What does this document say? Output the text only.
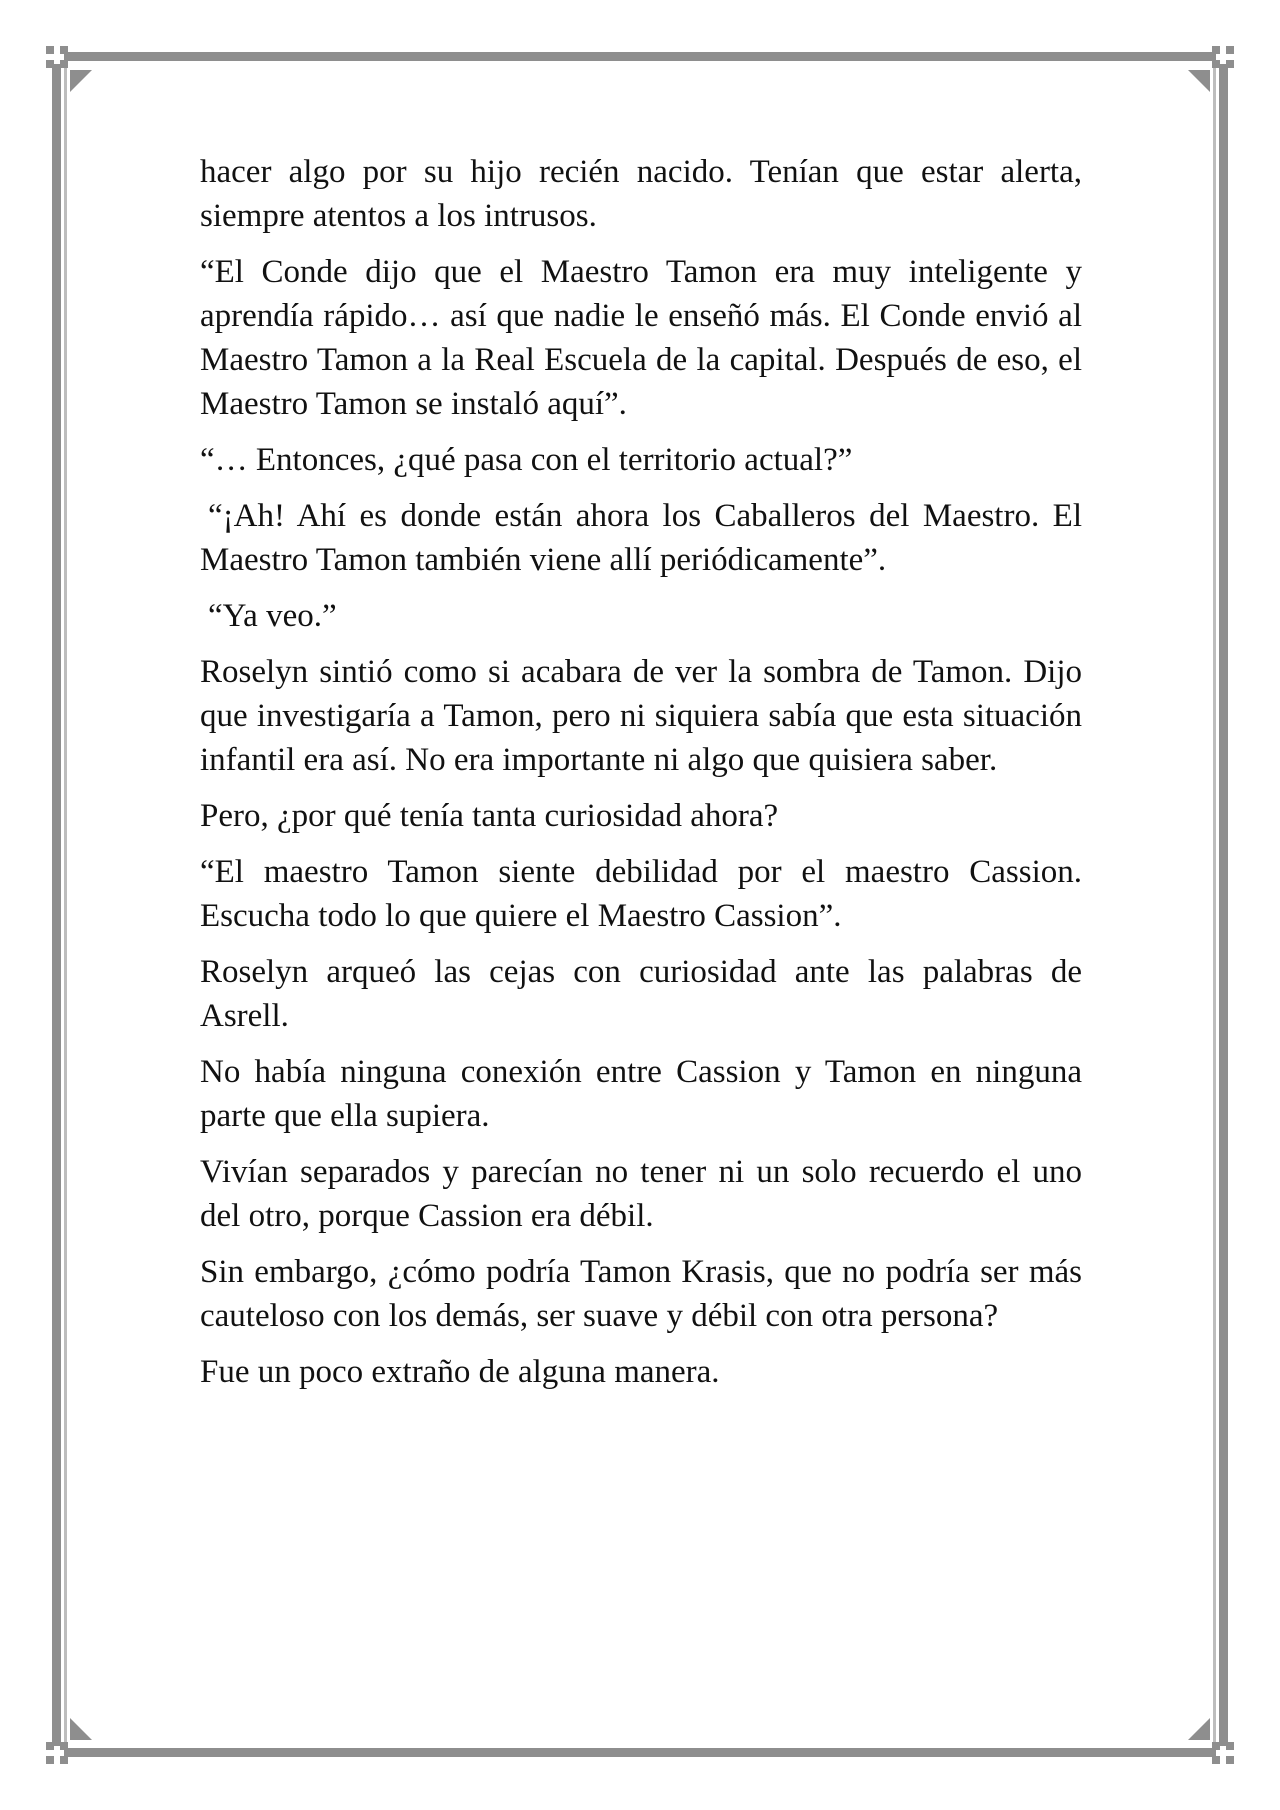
hacer algo por su hijo recién nacido. Tenían que estar alerta, siempre atentos a los intrusos.

“El Conde dijo que el Maestro Tamon era muy inteligente y aprendía rápido… así que nadie le enseñó más. El Conde envió al Maestro Tamon a la Real Escuela de la capital. Después de eso, el Maestro Tamon se instaló aquí”.

“… Entonces, ¿qué pasa con el territorio actual?”

“¡Ah! Ahí es donde están ahora los Caballeros del Maestro. El Maestro Tamon también viene allí periódicamente”.

“Ya veo.”

Roselyn sintió como si acabara de ver la sombra de Tamon. Dijo que investigaría a Tamon, pero ni siquiera sabía que esta situación infantil era así. No era importante ni algo que quisiera saber.

Pero, ¿por qué tenía tanta curiosidad ahora?

“El maestro Tamon siente debilidad por el maestro Cassion. Escucha todo lo que quiere el Maestro Cassion”.

Roselyn arqueó las cejas con curiosidad ante las palabras de Asrell.

No había ninguna conexión entre Cassion y Tamon en ninguna parte que ella supiera.

Vivían separados y parecían no tener ni un solo recuerdo el uno del otro, porque Cassion era débil.

Sin embargo, ¿cómo podría Tamon Krasis, que no podría ser más cauteloso con los demás, ser suave y débil con otra persona?

Fue un poco extraño de alguna manera.
